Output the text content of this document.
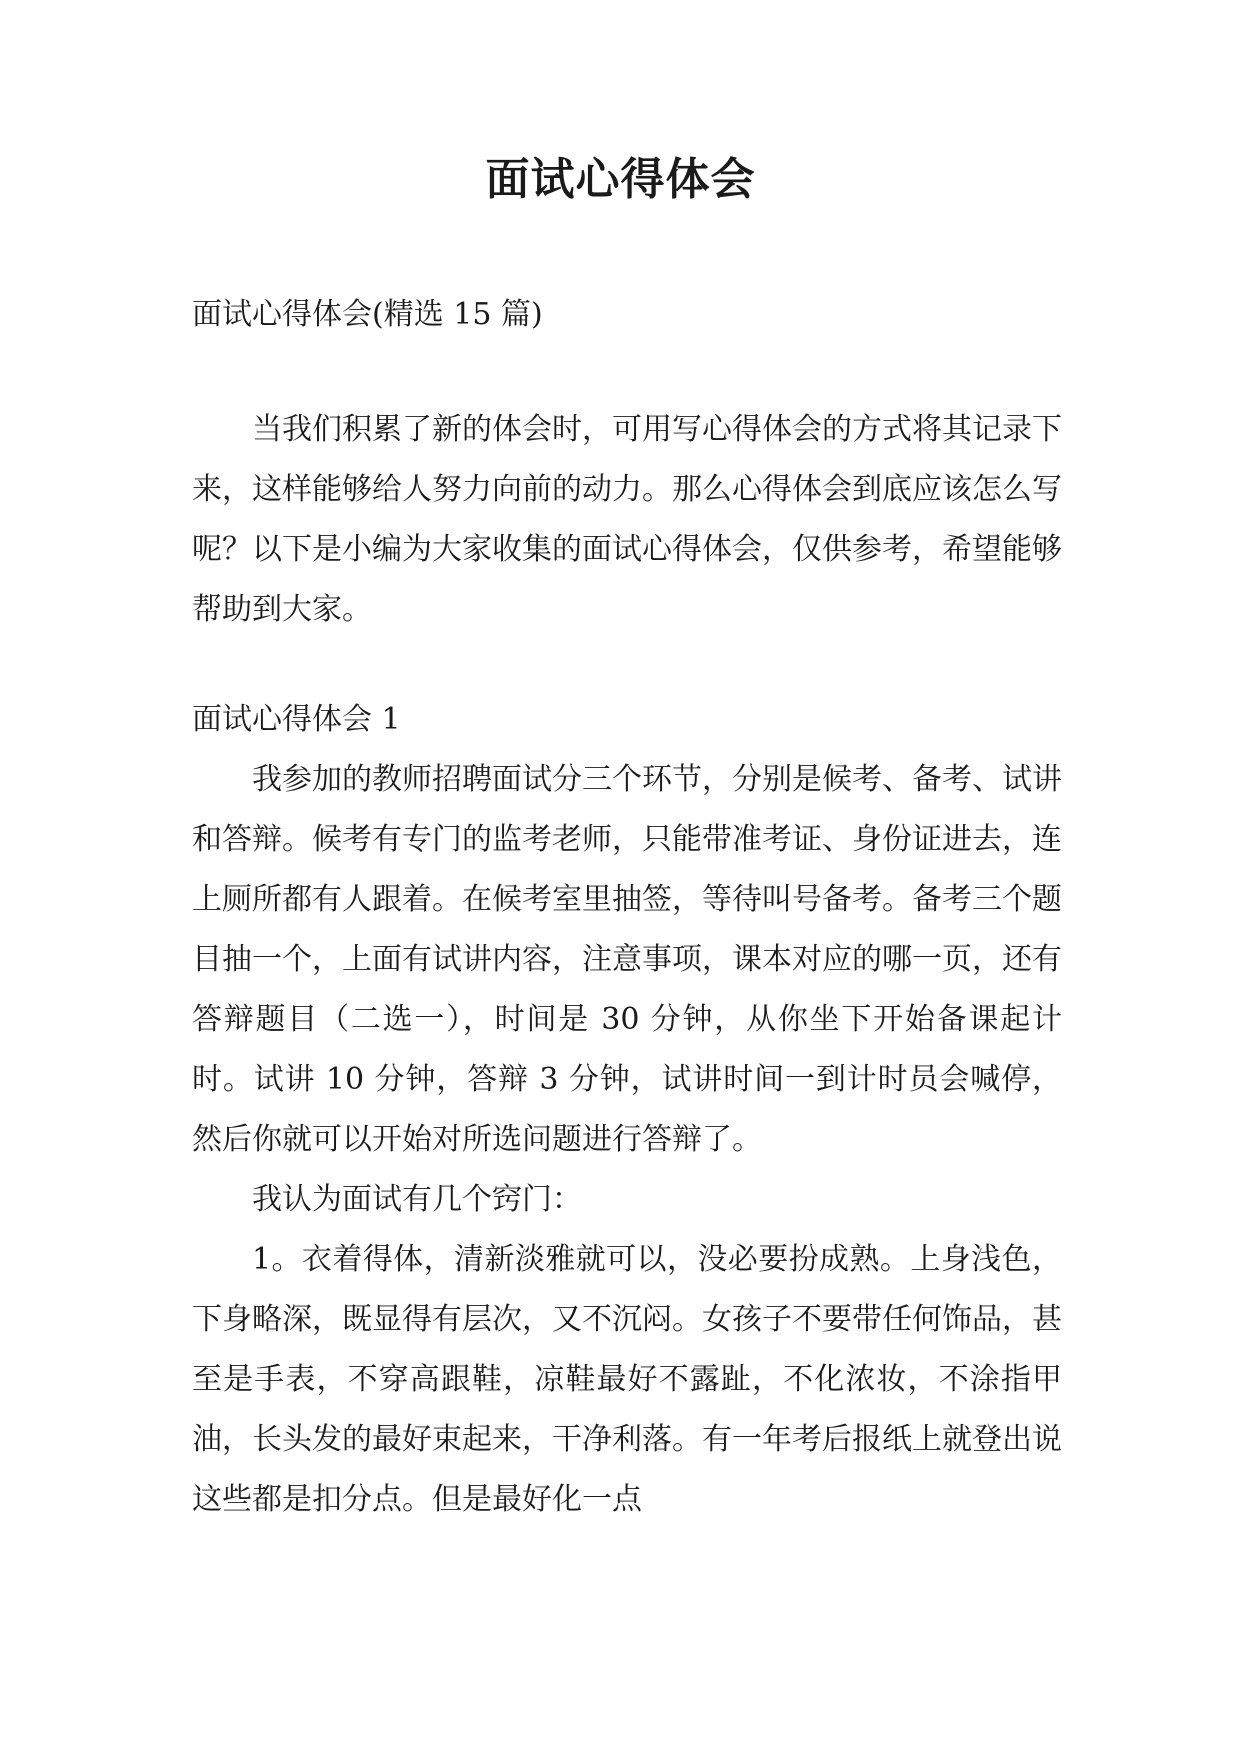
面试心得体会
面试心得体会(精选 15 篇)

当我们积累了新的体会时，可用写心得体会的方式将其记录下来，这样能够给人努力向前的动力。那么心得体会到底应该怎么写呢？以下是小编为大家收集的面试心得体会，仅供参考，希望能够帮助到大家。

面试心得体会 1

我参加的教师招聘面试分三个环节，分别是候考、备考、试讲和答辩。候考有专门的监考老师，只能带准考证、身份证进去，连上厕所都有人跟着。在候考室里抽签，等待叫号备考。备考三个题目抽一个，上面有试讲内容，注意事项，课本对应的哪一页，还有答辩题目（二选一），时间是 30 分钟，从你坐下开始备课起计时。试讲 10 分钟，答辩 3 分钟，试讲时间一到计时员会喊停，然后你就可以开始对所选问题进行答辩了。

我认为面试有几个窍门：

1。衣着得体，清新淡雅就可以，没必要扮成熟。上身浅色，下身略深，既显得有层次，又不沉闷。女孩子不要带任何饰品，甚至是手表，不穿高跟鞋，凉鞋最好不露趾，不化浓妆，不涂指甲油，长头发的最好束起来，干净利落。有一年考后报纸上就登出说这些都是扣分点。但是最好化一点
